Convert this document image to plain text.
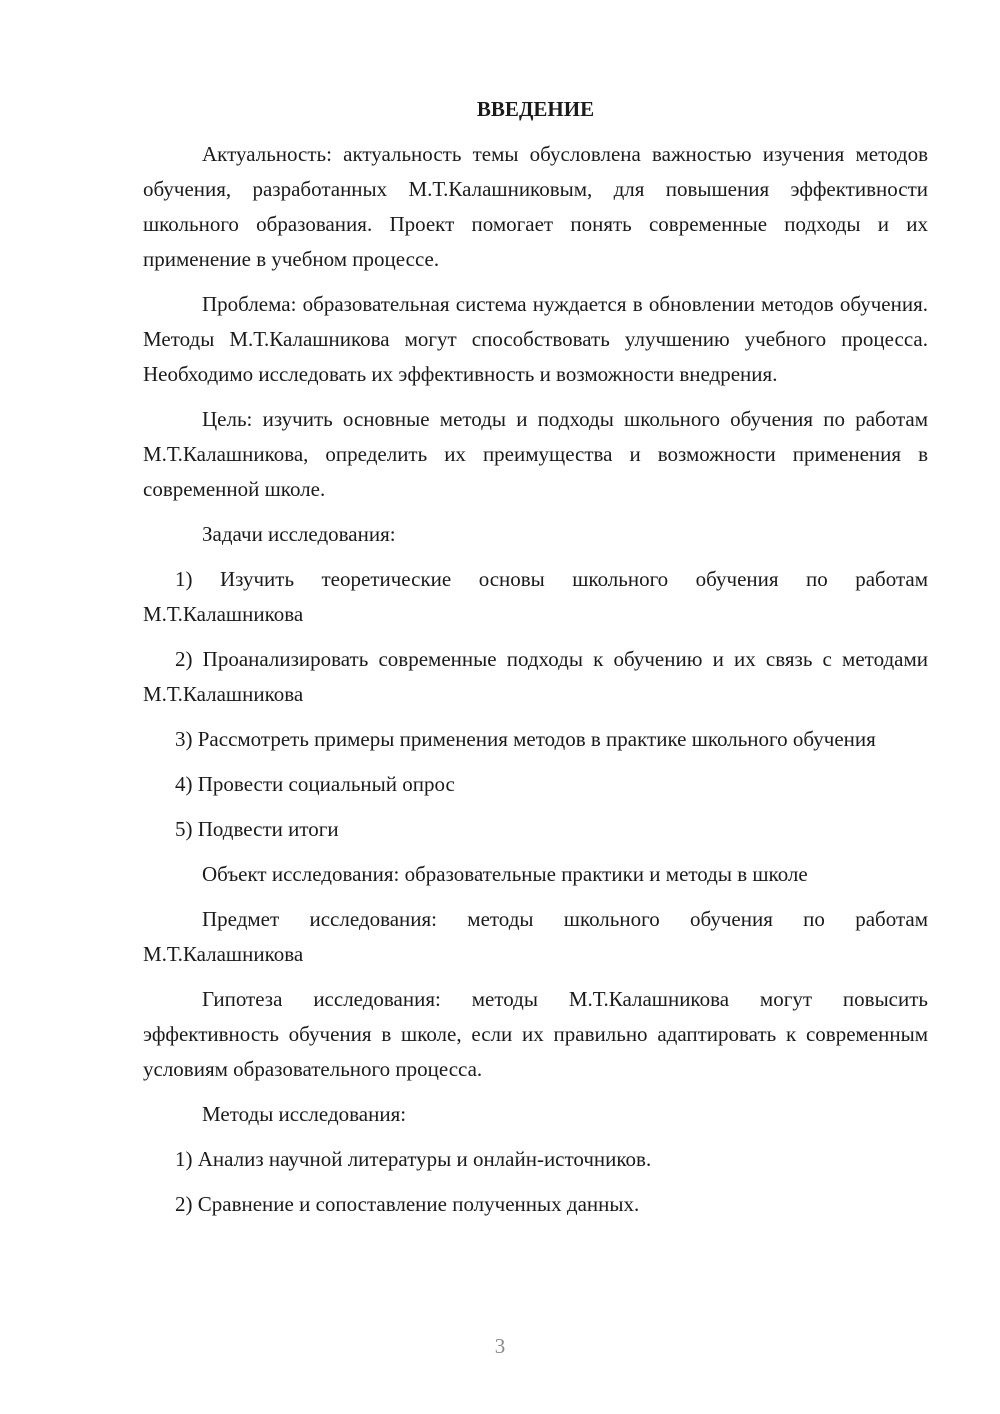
ВВЕДЕНИЕ

Актуальность: актуальность темы обусловлена важностью изучения методов обучения, разработанных М.Т.Калашниковым, для повышения эффективности школьного образования. Проект помогает понять современные подходы и их применение в учебном процессе.

Проблема: образовательная система нуждается в обновлении методов обучения. Методы М.Т.Калашникова могут способствовать улучшению учебного процесса. Необходимо исследовать их эффективность и возможности внедрения.

Цель: изучить основные методы и подходы школьного обучения по работам М.Т.Калашникова, определить их преимущества и возможности применения в современной школе.

Задачи исследования:

1) Изучить теоретические основы школьного обучения по работам М.Т.Калашникова

2) Проанализировать современные подходы к обучению и их связь с методами М.Т.Калашникова

3) Рассмотреть примеры применения методов в практике школьного обучения

4) Провести социальный опрос

5) Подвести итоги

Объект исследования: образовательные практики и методы в школе

Предмет исследования: методы школьного обучения по работам М.Т.Калашникова

Гипотеза исследования: методы М.Т.Калашникова могут повысить эффективность обучения в школе, если их правильно адаптировать к современным условиям образовательного процесса.

Методы исследования:

1) Анализ научной литературы и онлайн-источников.

2) Сравнение и сопоставление полученных данных.

3
